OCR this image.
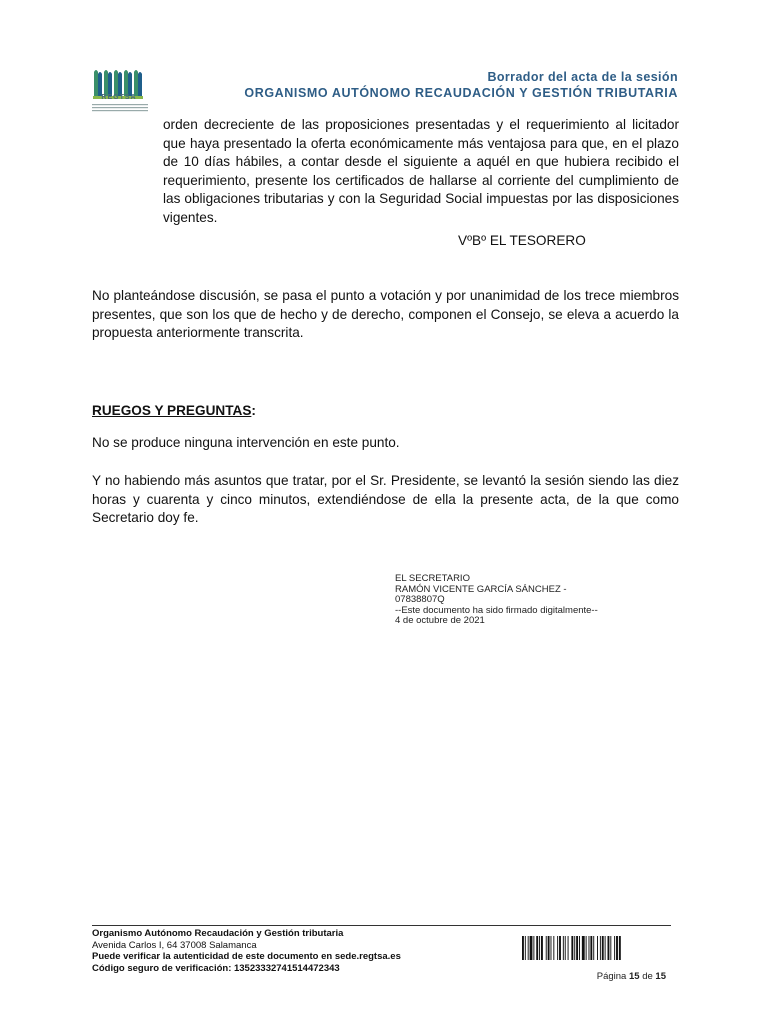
REGTSA
Borrador del acta de la sesión
ORGANISMO AUTÓNOMO RECAUDACIÓN Y GESTIÓN TRIBUTARIA
orden decreciente de las proposiciones presentadas y el requerimiento al licitador que haya presentado la oferta económicamente más ventajosa para que, en el plazo de 10 días hábiles, a contar desde el siguiente a aquél en que hubiera recibido el requerimiento, presente los certificados de hallarse al corriente del cumplimiento de las obligaciones tributarias y con la Seguridad Social impuestas por las disposiciones vigentes.
VºBº EL TESORERO
No planteándose discusión, se pasa el punto a votación y por unanimidad de los trece miembros presentes, que son los que de hecho y de derecho, componen el Consejo, se eleva a acuerdo la propuesta anteriormente transcrita.
RUEGOS Y PREGUNTAS:
No se produce ninguna intervención en este punto.
Y no habiendo más asuntos que tratar, por el Sr. Presidente, se levantó la sesión siendo las diez horas y cuarenta y cinco minutos, extendiéndose de ella la presente acta, de la que como Secretario doy fe.
EL SECRETARIO
RAMÓN VICENTE GARCÍA SÁNCHEZ -
07838807Q
--Este documento ha sido firmado digitalmente--
4 de octubre de 2021
Organismo Autónomo Recaudación y Gestión tributaria
Avenida Carlos I, 64 37008 Salamanca
Puede verificar la autenticidad de este documento en sede.regtsa.es
Código seguro de verificación: 13523332741514472343
Página 15 de 15
